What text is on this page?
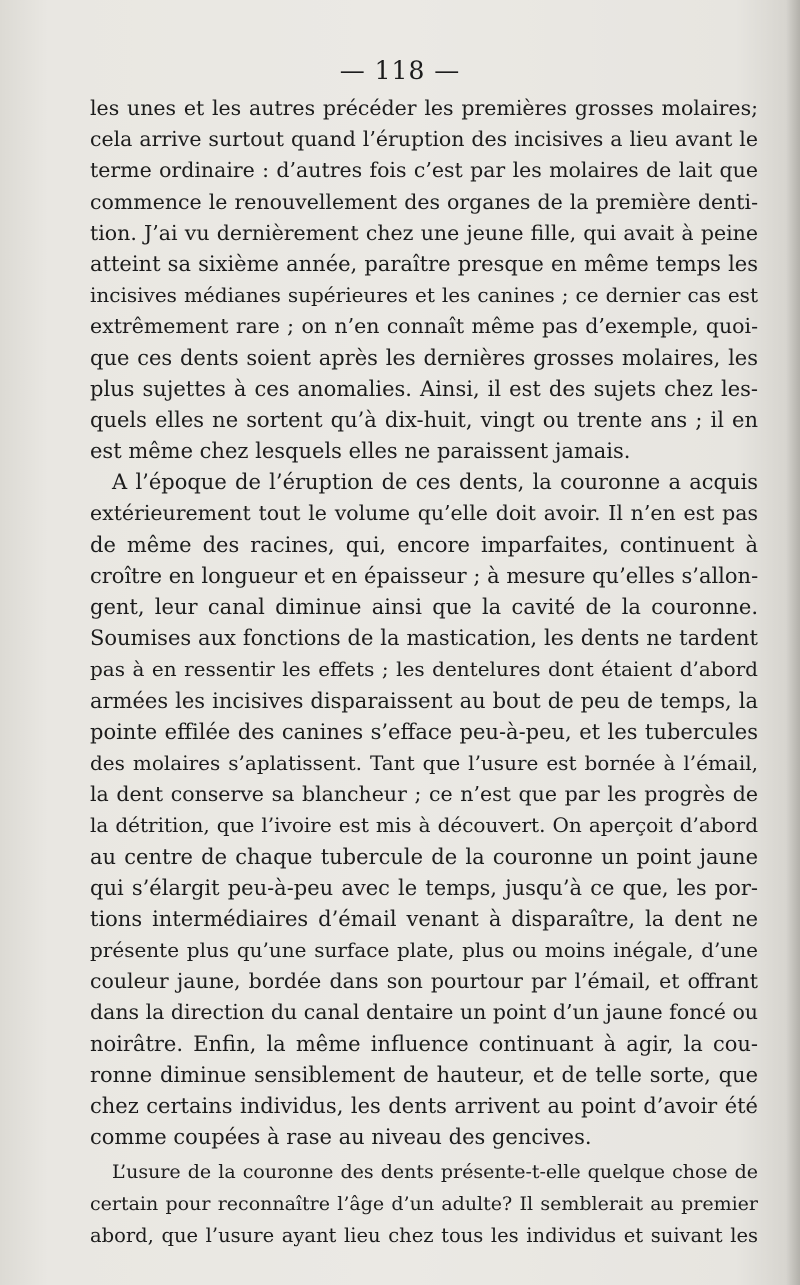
— 118 —
les unes et les autres précéder les premières grosses molaires;
cela arrive surtout quand l’éruption des incisives a lieu avant le
terme ordinaire : d’autres fois c’est par les molaires de lait que
commence le renouvellement des organes de la première denti-
tion. J’ai vu dernièrement chez une jeune fille, qui avait à peine
atteint sa sixième année, paraître presque en même temps les
incisives médianes supérieures et les canines ; ce dernier cas est
extrêmement rare ; on n’en connaît même pas d’exemple, quoi-
que ces dents soient après les dernières grosses molaires, les
plus sujettes à ces anomalies. Ainsi, il est des sujets chez les-
quels elles ne sortent qu’à dix-huit, vingt ou trente ans ; il en
est même chez lesquels elles ne paraissent jamais.
A l’époque de l’éruption de ces dents, la couronne a acquis
extérieurement tout le volume qu’elle doit avoir. Il n’en est pas
de même des racines, qui, encore imparfaites, continuent à
croître en longueur et en épaisseur ; à mesure qu’elles s’allon-
gent, leur canal diminue ainsi que la cavité de la couronne.
Soumises aux fonctions de la mastication, les dents ne tardent
pas à en ressentir les effets ; les dentelures dont étaient d’abord
armées les incisives disparaissent au bout de peu de temps, la
pointe effilée des canines s’efface peu-à-peu, et les tubercules
des molaires s’aplatissent. Tant que l’usure est bornée à l’émail,
la dent conserve sa blancheur ; ce n’est que par les progrès de
la détrition, que l’ivoire est mis à découvert. On aperçoit d’abord
au centre de chaque tubercule de la couronne un point jaune
qui s’élargit peu-à-peu avec le temps, jusqu’à ce que, les por-
tions intermédiaires d’émail venant à disparaître, la dent ne
présente plus qu’une surface plate, plus ou moins inégale, d’une
couleur jaune, bordée dans son pourtour par l’émail, et offrant
dans la direction du canal dentaire un point d’un jaune foncé ou
noirâtre. Enfin, la même influence continuant à agir, la cou-
ronne diminue sensiblement de hauteur, et de telle sorte, que
chez certains individus, les dents arrivent au point d’avoir été
comme coupées à rase au niveau des gencives.
L’usure de la couronne des dents présente-t-elle quelque chose de
certain pour reconnaître l’âge d’un adulte? Il semblerait au premier
abord, que l’usure ayant lieu chez tous les individus et suivant les
